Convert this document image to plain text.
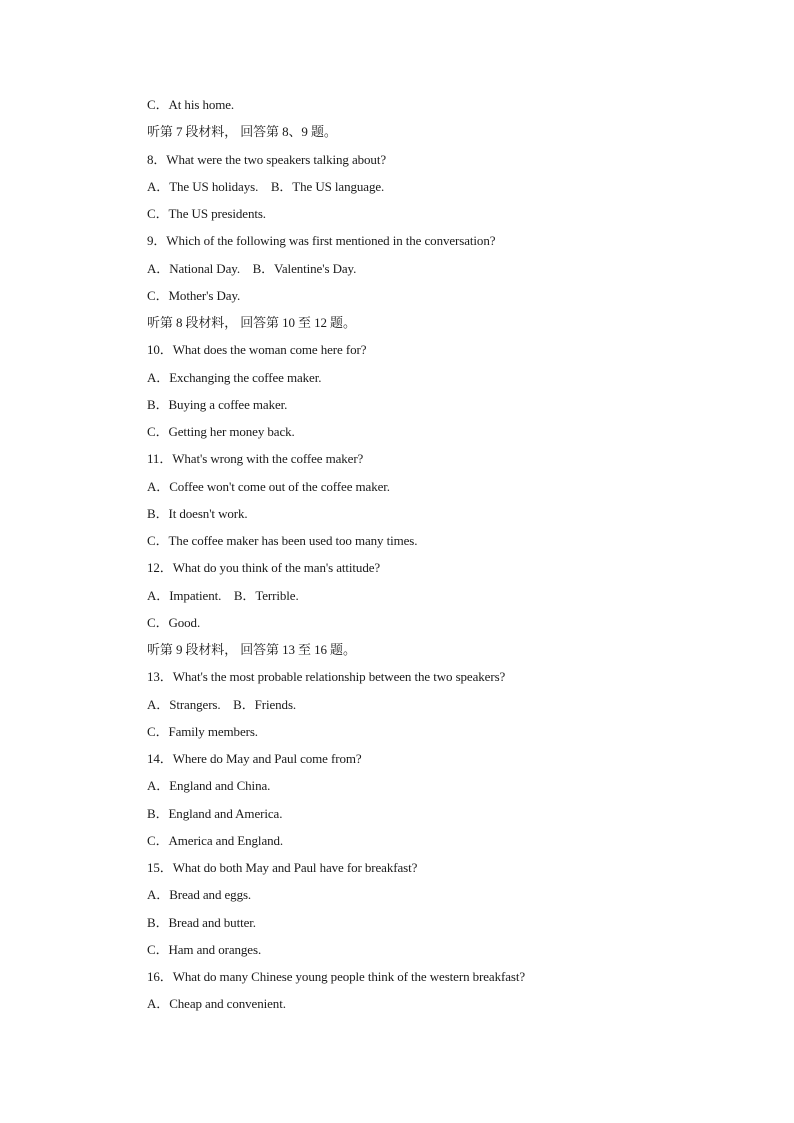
C．At his home.
听第 7 段材料， 回答第 8、9 题。
8．What were the two speakers talking about?
A．The US holidays.    B．The US language.
C．The US presidents.
9．Which of the following was first mentioned in the conversation?
A．National Day.    B．Valentine's Day.
C．Mother's Day.
听第 8 段材料， 回答第 10 至 12 题。
10．What does the woman come here for?
A．Exchanging the coffee maker.
B．Buying a coffee maker.
C．Getting her money back.
11．What's wrong with the coffee maker?
A．Coffee won't come out of the coffee maker.
B．It doesn't work.
C．The coffee maker has been used too many times.
12．What do you think of the man's attitude?
A．Impatient.    B．Terrible.
C．Good.
听第 9 段材料， 回答第 13 至 16 题。
13．What's the most probable relationship between the two speakers?
A．Strangers.    B．Friends.
C．Family members.
14．Where do May and Paul come from?
A．England and China.
B．England and America.
C．America and England.
15．What do both May and Paul have for breakfast?
A．Bread and eggs.
B．Bread and butter.
C．Ham and oranges.
16．What do many Chinese young people think of the western breakfast?
A．Cheap and convenient.
